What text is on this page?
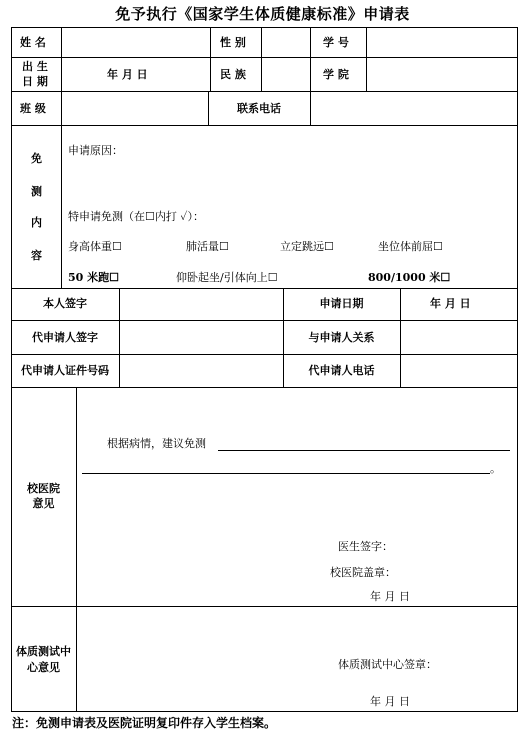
免予执行《国家学生体质健康标准》申请表
姓 名	性 别	学 号
出 生
日 期
年 月 日	民 族	学 院
班 级	联系电话
免
测
内
容
申请原因：
特申请免测（在☐内打 ✓）：
身高体重☐	肺活量☐	立定跳远☐	坐位体前屈☐
50 米跑☐	仰卧起坐/引体向上☐	800/1000 米☐
本人签字	申请日期	年 月 日
代申请人签字	与申请人关系
代申请人证件号码	代申请人电话
校医院
意见
根据病情，建议免测
。
医生签字：
校医院盖章：
年 月 日
体质测试中
心意见	体质测试中心签章：
年 月 日
注：免测申请表及医院证明复印件存入学生档案。
